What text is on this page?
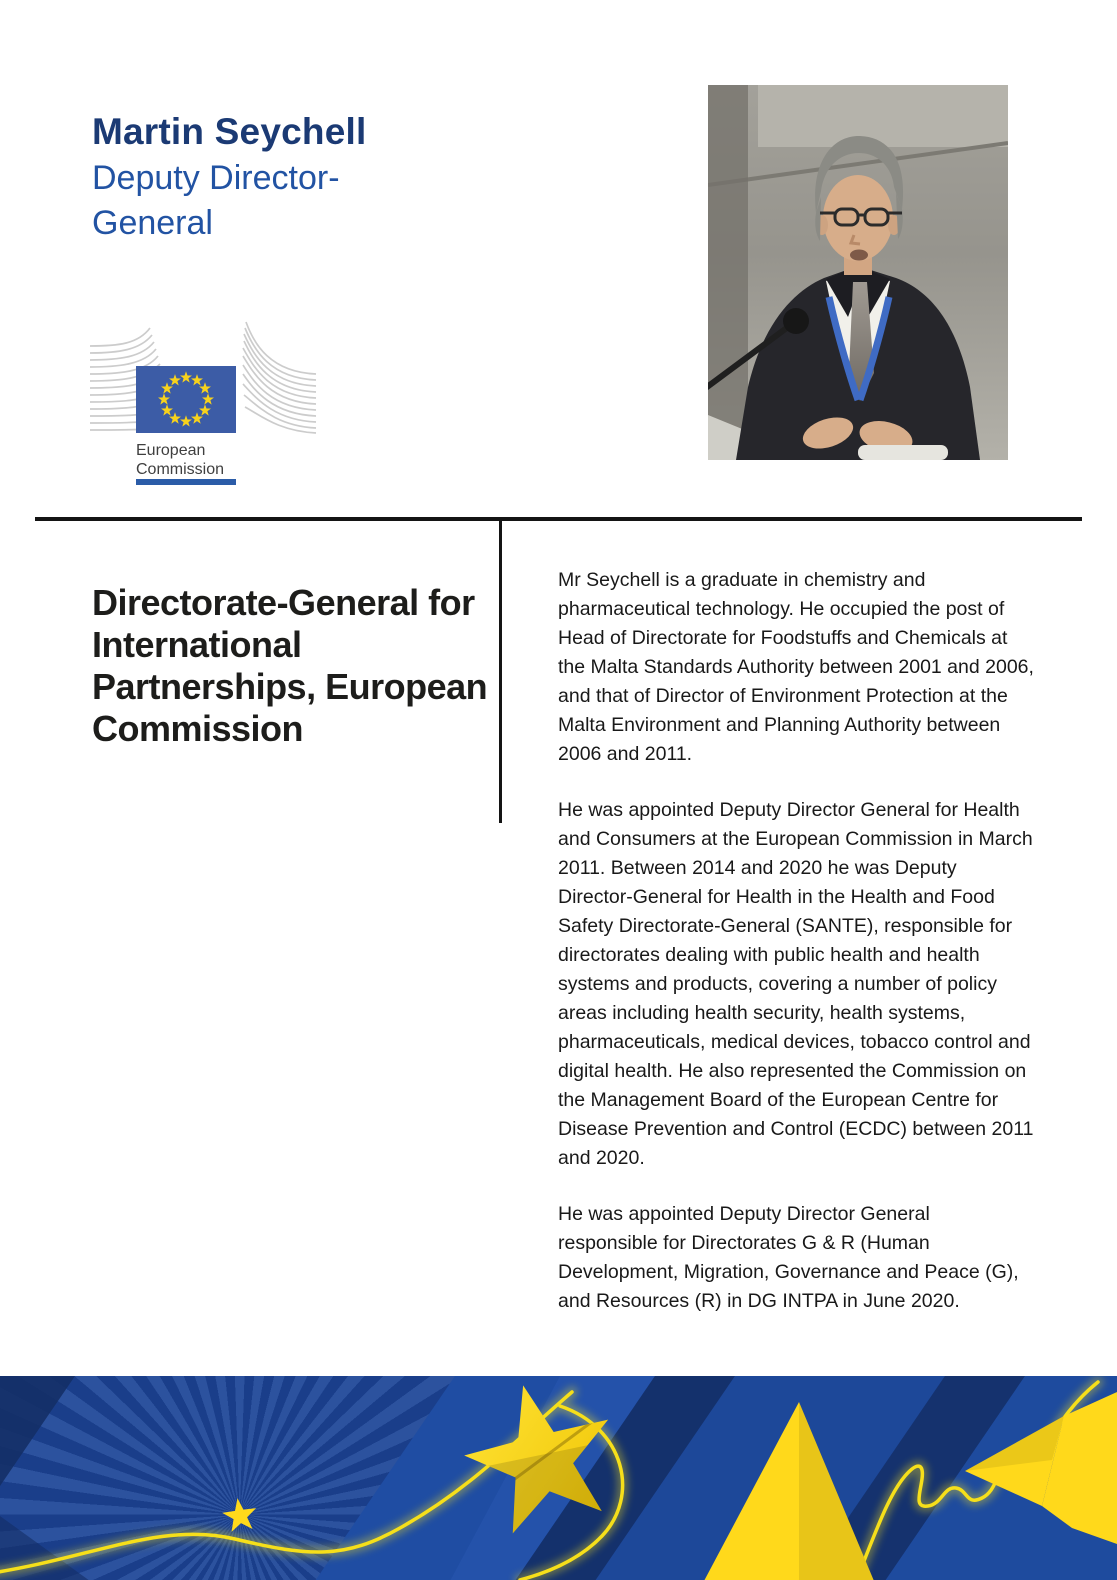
Martin Seychell
Deputy Director-General
European
Commission
Directorate-General for International Partnerships, European Commission

Mr Seychell is a graduate in chemistry and pharmaceutical technology. He occupied the post of Head of Directorate for Foodstuffs and Chemicals at the Malta Standards Authority between 2001 and 2006, and that of Director of Environment Protection at the Malta Environment and Planning Authority between 2006 and 2011.

He was appointed Deputy Director General for Health and Consumers at the European Commission in March 2011. Between 2014 and 2020 he was Deputy Director-General for Health in the Health and Food Safety Directorate-General (SANTE), responsible for directorates dealing with public health and health systems and products, covering a number of policy areas including health security, health systems, pharmaceuticals, medical devices, tobacco control and digital health. He also represented the Commission on the Management Board of the European Centre for Disease Prevention and Control (ECDC) between 2011 and 2020.

He was appointed Deputy Director General responsible for Directorates G & R (Human Development, Migration, Governance and Peace (G), and Resources (R) in DG INTPA in June 2020.
